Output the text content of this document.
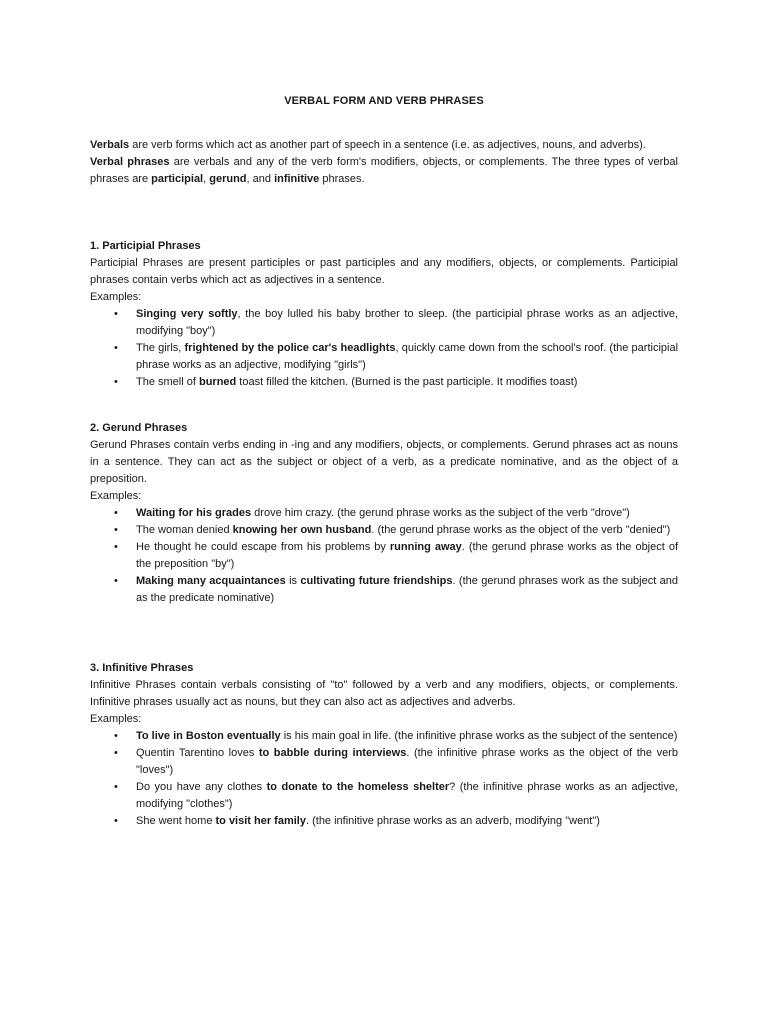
VERBAL FORM AND VERB PHRASES

Verbals are verb forms which act as another part of speech in a sentence (i.e. as adjectives, nouns, and adverbs).

Verbal phrases are verbals and any of the verb form's modifiers, objects, or complements. The three types of verbal phrases are participial, gerund, and infinitive phrases.

1. Participial Phrases

Participial Phrases are present participles or past participles and any modifiers, objects, or complements. Participial phrases contain verbs which act as adjectives in a sentence.

Examples:

• Singing very softly, the boy lulled his baby brother to sleep. (the participial phrase works as an adjective, modifying "boy")
• The girls, frightened by the police car's headlights, quickly came down from the school's roof. (the participial phrase works as an adjective, modifying "girls")
• The smell of burned toast filled the kitchen. (Burned is the past participle. It modifies toast)

2. Gerund Phrases

Gerund Phrases contain verbs ending in -ing and any modifiers, objects, or complements. Gerund phrases act as nouns in a sentence. They can act as the subject or object of a verb, as a predicate nominative, and as the object of a preposition.

Examples:

• Waiting for his grades drove him crazy. (the gerund phrase works as the subject of the verb "drove")
• The woman denied knowing her own husband. (the gerund phrase works as the object of the verb "denied")
• He thought he could escape from his problems by running away. (the gerund phrase works as the object of the preposition "by")
• Making many acquaintances is cultivating future friendships. (the gerund phrases work as the subject and as the predicate nominative)

3. Infinitive Phrases

Infinitive Phrases contain verbals consisting of "to" followed by a verb and any modifiers, objects, or complements. Infinitive phrases usually act as nouns, but they can also act as adjectives and adverbs.

Examples:

• To live in Boston eventually is his main goal in life. (the infinitive phrase works as the subject of the sentence)
• Quentin Tarentino loves to babble during interviews. (the infinitive phrase works as the object of the verb "loves")
• Do you have any clothes to donate to the homeless shelter? (the infinitive phrase works as an adjective, modifying "clothes")
• She went home to visit her family. (the infinitive phrase works as an adverb, modifying "went")
